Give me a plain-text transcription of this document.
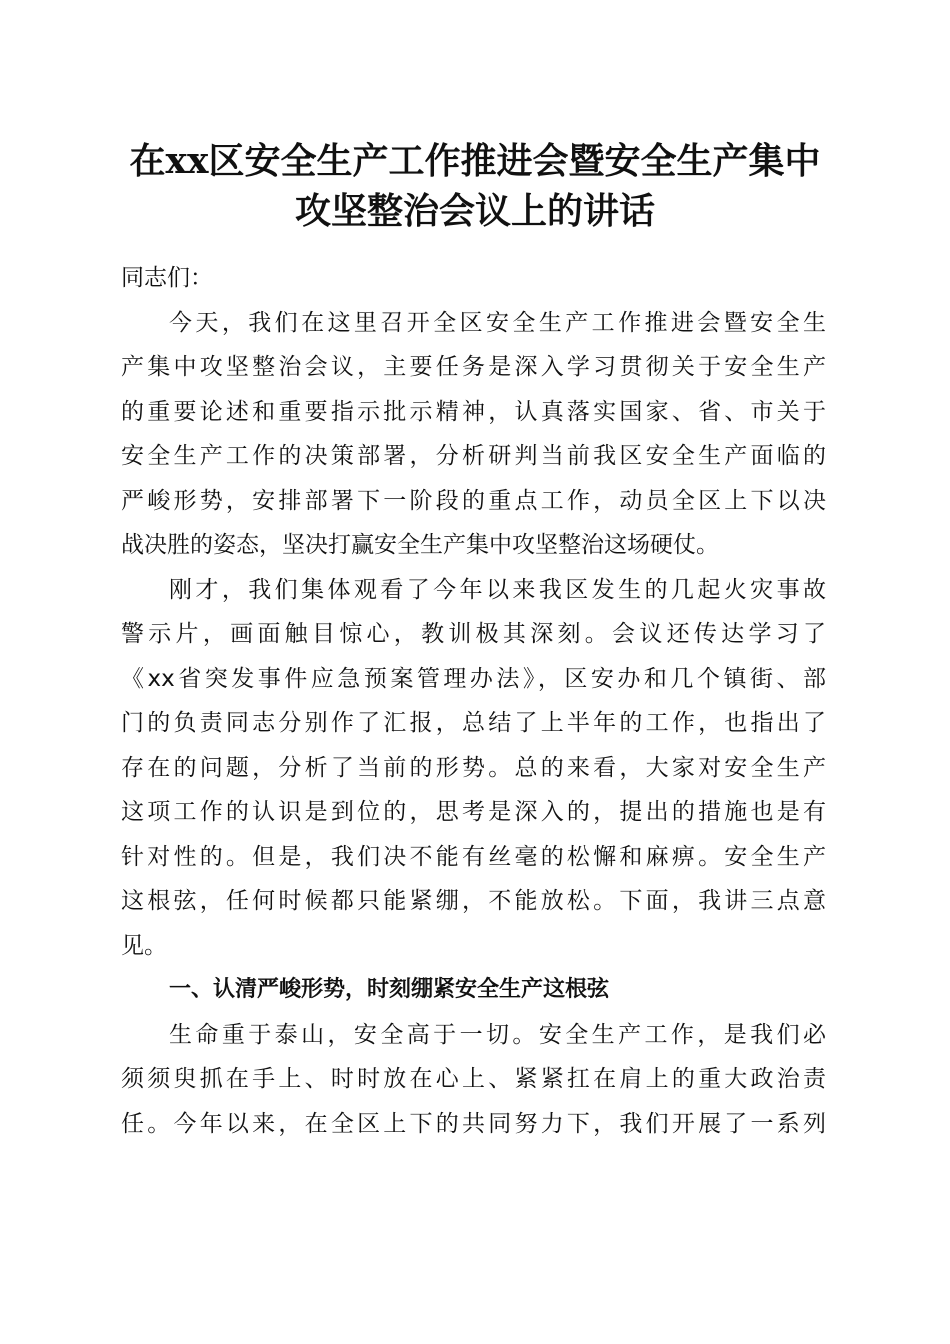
在xx区安全生产工作推进会暨安全生产集中
攻坚整治会议上的讲话
同志们：
今天，我们在这里召开全区安全生产工作推进会暨安全生
产集中攻坚整治会议，主要任务是深入学习贯彻关于安全生产
的重要论述和重要指示批示精神，认真落实国家、省、市关于
安全生产工作的决策部署，分析研判当前我区安全生产面临的
严峻形势，安排部署下一阶段的重点工作，动员全区上下以决
战决胜的姿态，坚决打赢安全生产集中攻坚整治这场硬仗。
刚才，我们集体观看了今年以来我区发生的几起火灾事故
警示片，画面触目惊心，教训极其深刻。会议还传达学习了
《xx省突发事件应急预案管理办法》，区安办和几个镇街、部
门的负责同志分别作了汇报，总结了上半年的工作，也指出了
存在的问题，分析了当前的形势。总的来看，大家对安全生产
这项工作的认识是到位的，思考是深入的，提出的措施也是有
针对性的。但是，我们决不能有丝毫的松懈和麻痹。安全生产
这根弦，任何时候都只能紧绷，不能放松。下面，我讲三点意
见。
一、认清严峻形势，时刻绷紧安全生产这根弦
生命重于泰山，安全高于一切。安全生产工作，是我们必
须须臾抓在手上、时时放在心上、紧紧扛在肩上的重大政治责
任。今年以来，在全区上下的共同努力下，我们开展了一系列
